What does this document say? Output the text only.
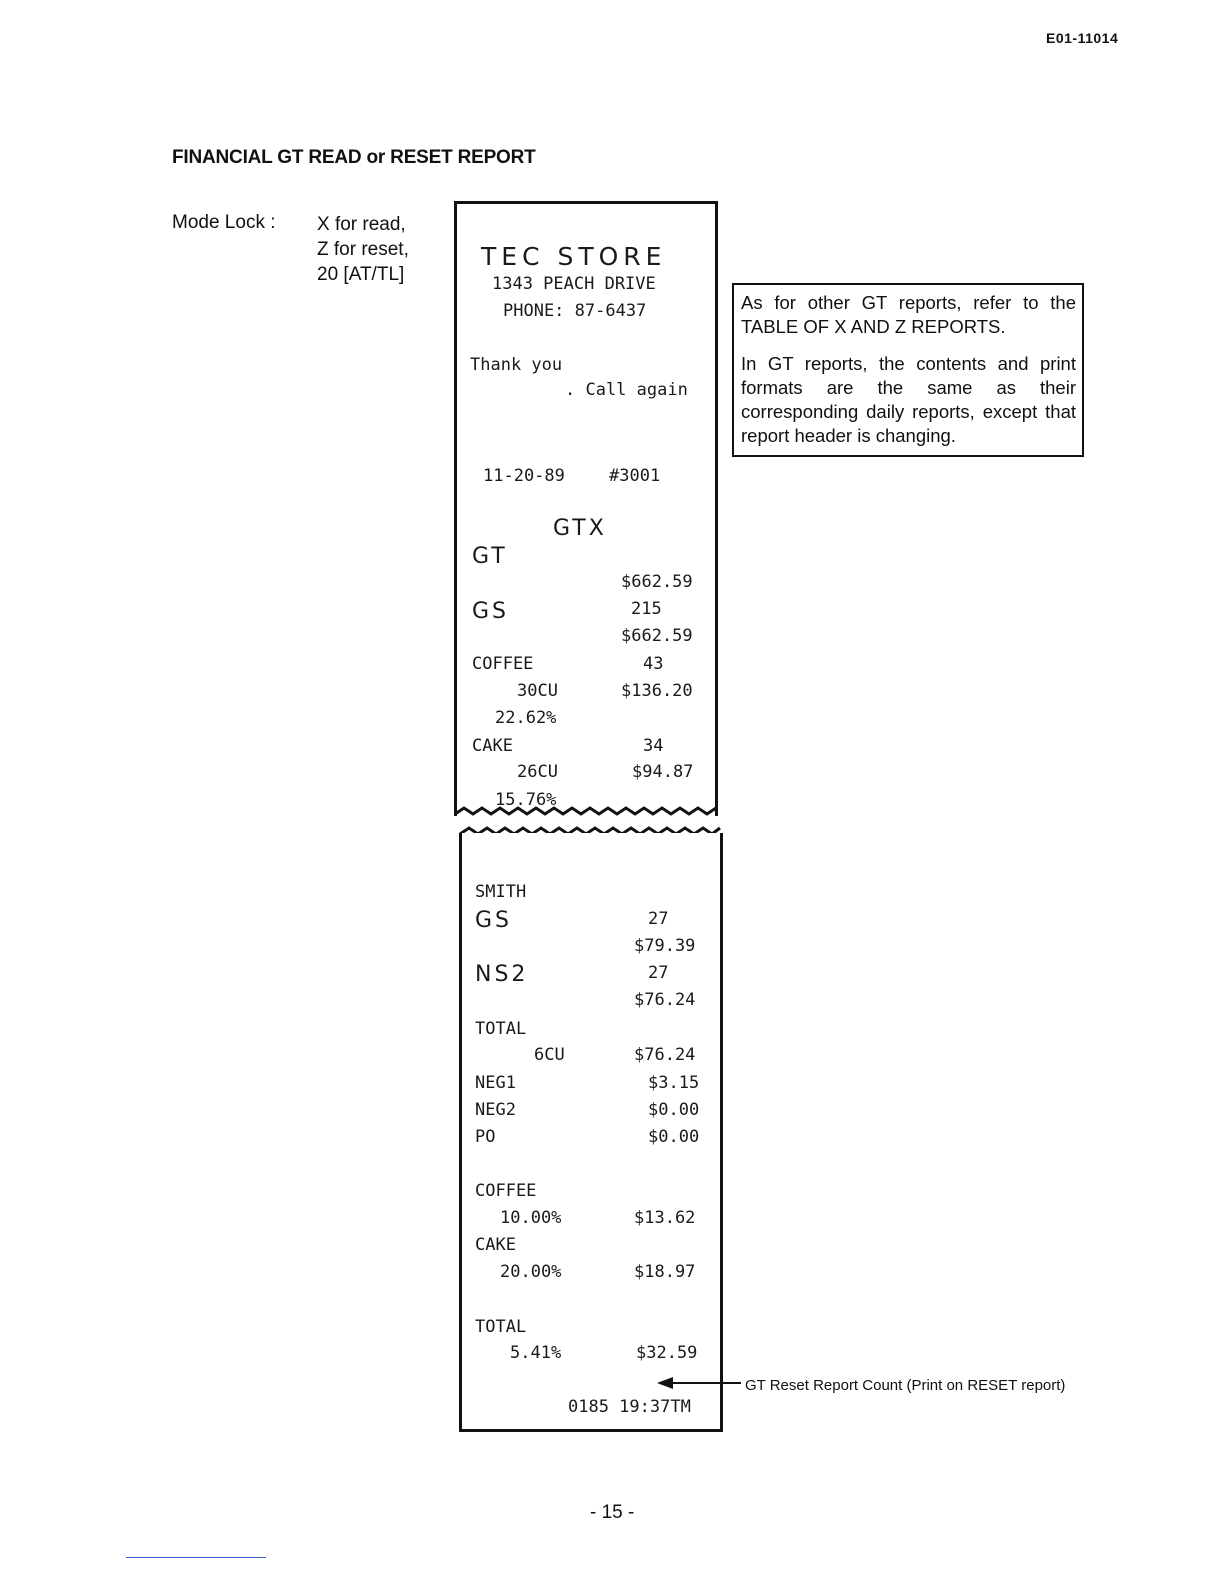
E01-11014
FINANCIAL GT READ or RESET REPORT
Mode Lock : X for read,
Z for reset,
20 [AT/TL]
TEC STORE
1343 PEACH DRIVE
PHONE: 87-6437
Thank you
. Call again
11-20-89	#3001
GTX
GT
$662.59
GS	215
$662.59
COFFEE	43
30CU	$136.20
22.62%
CAKE	34
26CU	$94.87
15.76%
SMITH
GS	27
$79.39
NS2	27
$76.24
TOTAL
6CU	$76.24
NEG1	$3.15
NEG2	$0.00
PO	$0.00
COFFEE
10.00%	$13.62
CAKE
20.00%	$18.97
TOTAL
5.41%	$32.59
0185 19:37TM

As for other GT reports, refer to the TABLE OF X AND Z REPORTS.

In GT reports, the contents and print formats are the same as their corresponding daily reports, except that report header is changing.

GT Reset Report Count (Print on RESET report)
- 15 -
